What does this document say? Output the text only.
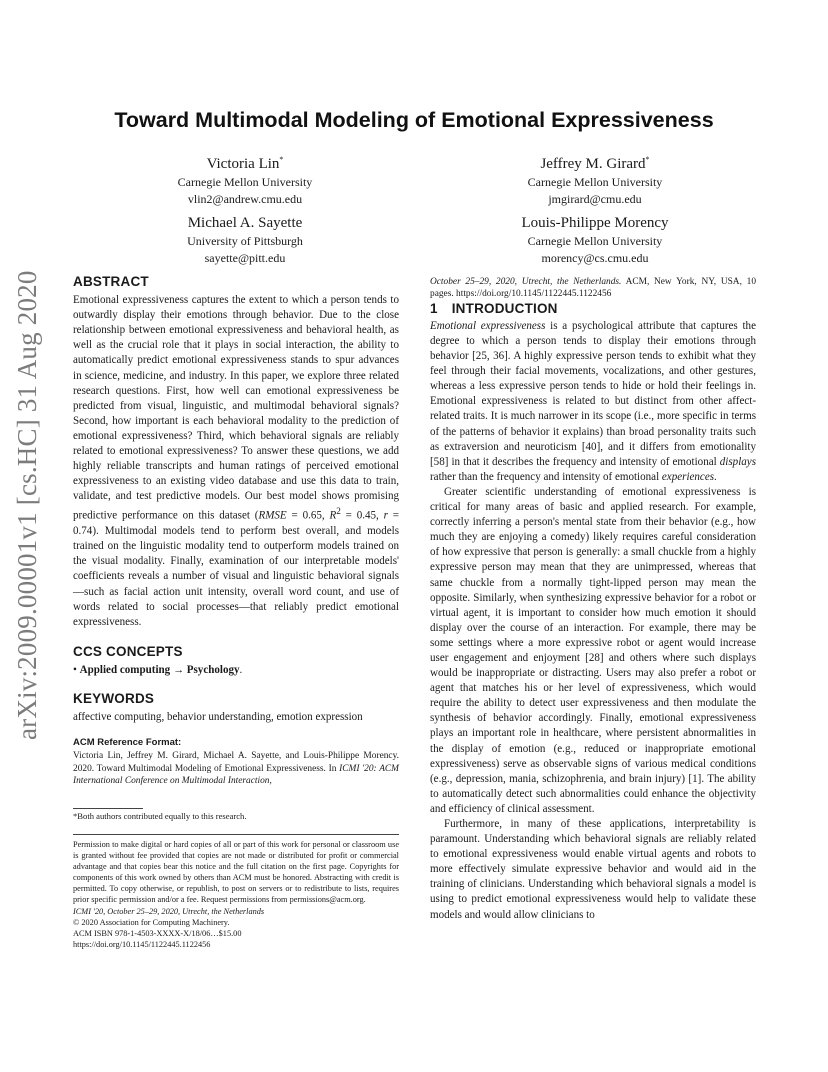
arXiv:2009.00001v1 [cs.HC] 31 Aug 2020
Toward Multimodal Modeling of Emotional Expressiveness
Victoria Lin*
Carnegie Mellon University
vlin2@andrew.cmu.edu
Jeffrey M. Girard*
Carnegie Mellon University
jmgirard@cmu.edu
Michael A. Sayette
University of Pittsburgh
sayette@pitt.edu
Louis-Philippe Morency
Carnegie Mellon University
morency@cs.cmu.edu
ABSTRACT

Emotional expressiveness captures the extent to which a person tends to outwardly display their emotions through behavior. Due to the close relationship between emotional expressiveness and behavioral health, as well as the crucial role that it plays in social interaction, the ability to automatically predict emotional expressiveness stands to spur advances in science, medicine, and industry. In this paper, we explore three related research questions. First, how well can emotional expressiveness be predicted from visual, linguistic, and multimodal behavioral signals? Second, how important is each behavioral modality to the prediction of emotional expressiveness? Third, which behavioral signals are reliably related to emotional expressiveness? To answer these questions, we add highly reliable transcripts and human ratings of perceived emotional expressiveness to an existing video database and use this data to train, validate, and test predictive models. Our best model shows promising predictive performance on this dataset (RMSE = 0.65, $R^2 = 0.45$, r = 0.74). Multimodal models tend to perform best overall, and models trained on the linguistic modality tend to outperform models trained on the visual modality. Finally, examination of our interpretable models' coefficients reveals a number of visual and linguistic behavioral signals—such as facial action unit intensity, overall word count, and use of words related to social processes—that reliably predict emotional expressiveness.

CCS CONCEPTS
• Applied computing → Psychology.
KEYWORDS
affective computing, behavior understanding, emotion expression
ACM Reference Format:

Victoria Lin, Jeffrey M. Girard, Michael A. Sayette, and Louis-Philippe Morency. 2020. Toward Multimodal Modeling of Emotional Expressiveness. In ICMI '20: ACM International Conference on Multimodal Interaction,

*Both authors contributed equally to this research.

Permission to make digital or hard copies of all or part of this work for personal or classroom use is granted without fee provided that copies are not made or distributed for profit or commercial advantage and that copies bear this notice and the full citation on the first page. Copyrights for components of this work owned by others than ACM must be honored. Abstracting with credit is permitted. To copy otherwise, or republish, to post on servers or to redistribute to lists, requires prior specific permission and/or a fee. Request permissions from permissions@acm.org.

ICMI '20, October 25–29, 2020, Utrecht, the Netherlands
© 2020 Association for Computing Machinery.
ACM ISBN 978-1-4503-XXXX-X/18/06…$15.00
https://doi.org/10.1145/1122445.1122456

October 25–29, 2020, Utrecht, the Netherlands. ACM, New York, NY, USA, 10 pages. https://doi.org/10.1145/1122445.1122456

1 INTRODUCTION

Emotional expressiveness is a psychological attribute that captures the degree to which a person tends to display their emotions through behavior [25, 36]. A highly expressive person tends to exhibit what they feel through their facial movements, vocalizations, and other gestures, whereas a less expressive person tends to hide or hold their feelings in. Emotional expressiveness is related to but distinct from other affect-related traits. It is much narrower in its scope (i.e., more specific in terms of the patterns of behavior it explains) than broad personality traits such as extraversion and neuroticism [40], and it differs from emotionality [58] in that it describes the frequency and intensity of emotional displays rather than the frequency and intensity of emotional experiences.

Greater scientific understanding of emotional expressiveness is critical for many areas of basic and applied research. For example, correctly inferring a person's mental state from their behavior (e.g., how much they are enjoying a comedy) likely requires careful consideration of how expressive that person is generally: a small chuckle from a highly expressive person may mean that they are unimpressed, whereas that same chuckle from a normally tight-lipped person may mean the opposite. Similarly, when synthesizing expressive behavior for a robot or virtual agent, it is important to consider how much emotion it should display over the course of an interaction. For example, there may be some settings where a more expressive robot or agent would increase user engagement and enjoyment [28] and others where such displays would be inappropriate or distracting. Users may also prefer a robot or agent that matches his or her level of expressiveness, which would require the ability to detect user expressiveness and then modulate the synthesis of behavior accordingly. Finally, emotional expressiveness plays an important role in healthcare, where persistent abnormalities in the display of emotion (e.g., reduced or inappropriate emotional expressiveness) serve as observable signs of various medical conditions (e.g., depression, mania, schizophrenia, and brain injury) [1]. The ability to automatically detect such abnormalities could enhance the objectivity and efficiency of clinical assessment.

Furthermore, in many of these applications, interpretability is paramount. Understanding which behavioral signals are reliably related to emotional expressiveness would enable virtual agents and robots to more effectively simulate expressive behavior and would aid in the training of clinicians. Understanding which behavioral signals a model is using to predict emotional expressiveness would help to validate these models and would allow clinicians to
